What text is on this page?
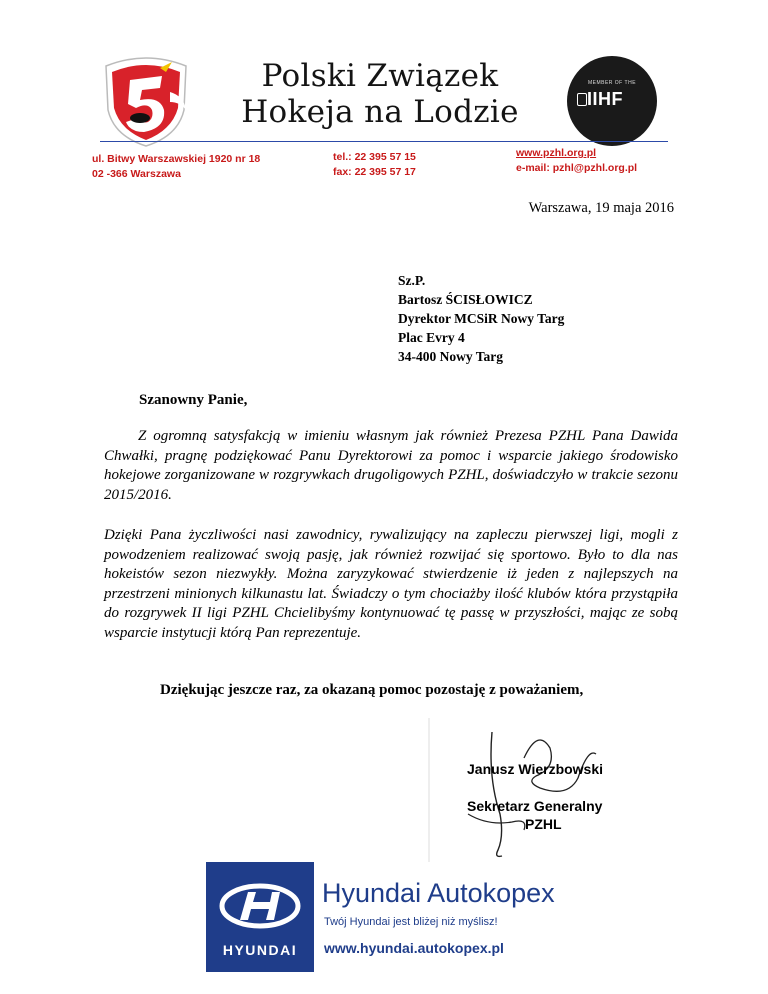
Polski Związek
Hokeja na Lodzie
MEMBER OF THE
IIHF
ul. Bitwy Warszawskiej 1920 nr 18
02 -366 Warszawa
tel.: 22 395 57 15
fax: 22 395 57 17
www.pzhl.org.pl
e-mail: pzhl@pzhl.org.pl
Warszawa, 19 maja 2016
Sz.P.
Bartosz ŚCISŁOWICZ
Dyrektor MCSiR Nowy Targ
Plac Evry 4
34-400 Nowy Targ
Szanowny Panie,
Z ogromną satysfakcją w imieniu własnym jak również Prezesa PZHL Pana Dawida Chwałki, pragnę podziękować Panu Dyrektorowi za pomoc i wsparcie jakiego środowisko hokejowe zorganizowane w rozgrywkach drugoligowych PZHL, doświadczyło w trakcie sezonu 2015/2016.
Dzięki Pana życzliwości nasi zawodnicy, rywalizujący na zapleczu pierwszej ligi, mogli z powodzeniem realizować swoją pasję, jak również rozwijać się sportowo. Było to dla nas hokeistów sezon niezwykły. Można zaryzykować stwierdzenie iż jeden z najlepszych na przestrzeni minionych kilkunastu lat. Świadczy o tym chociażby ilość klubów która przystąpiła do rozgrywek II ligi PZHL Chcielibyśmy kontynuować tę passę w przyszłości, mając ze sobą wsparcie instytucji którą Pan reprezentuje.
Dziękując jeszcze raz, za okazaną pomoc pozostaję z poważaniem,
Janusz Wierzbowski
Sekretarz Generalny
PZHL
HYUNDAI
Hyundai Autokopex
Twój Hyundai jest bliżej niż myślisz!
www.hyundai.autokopex.pl
